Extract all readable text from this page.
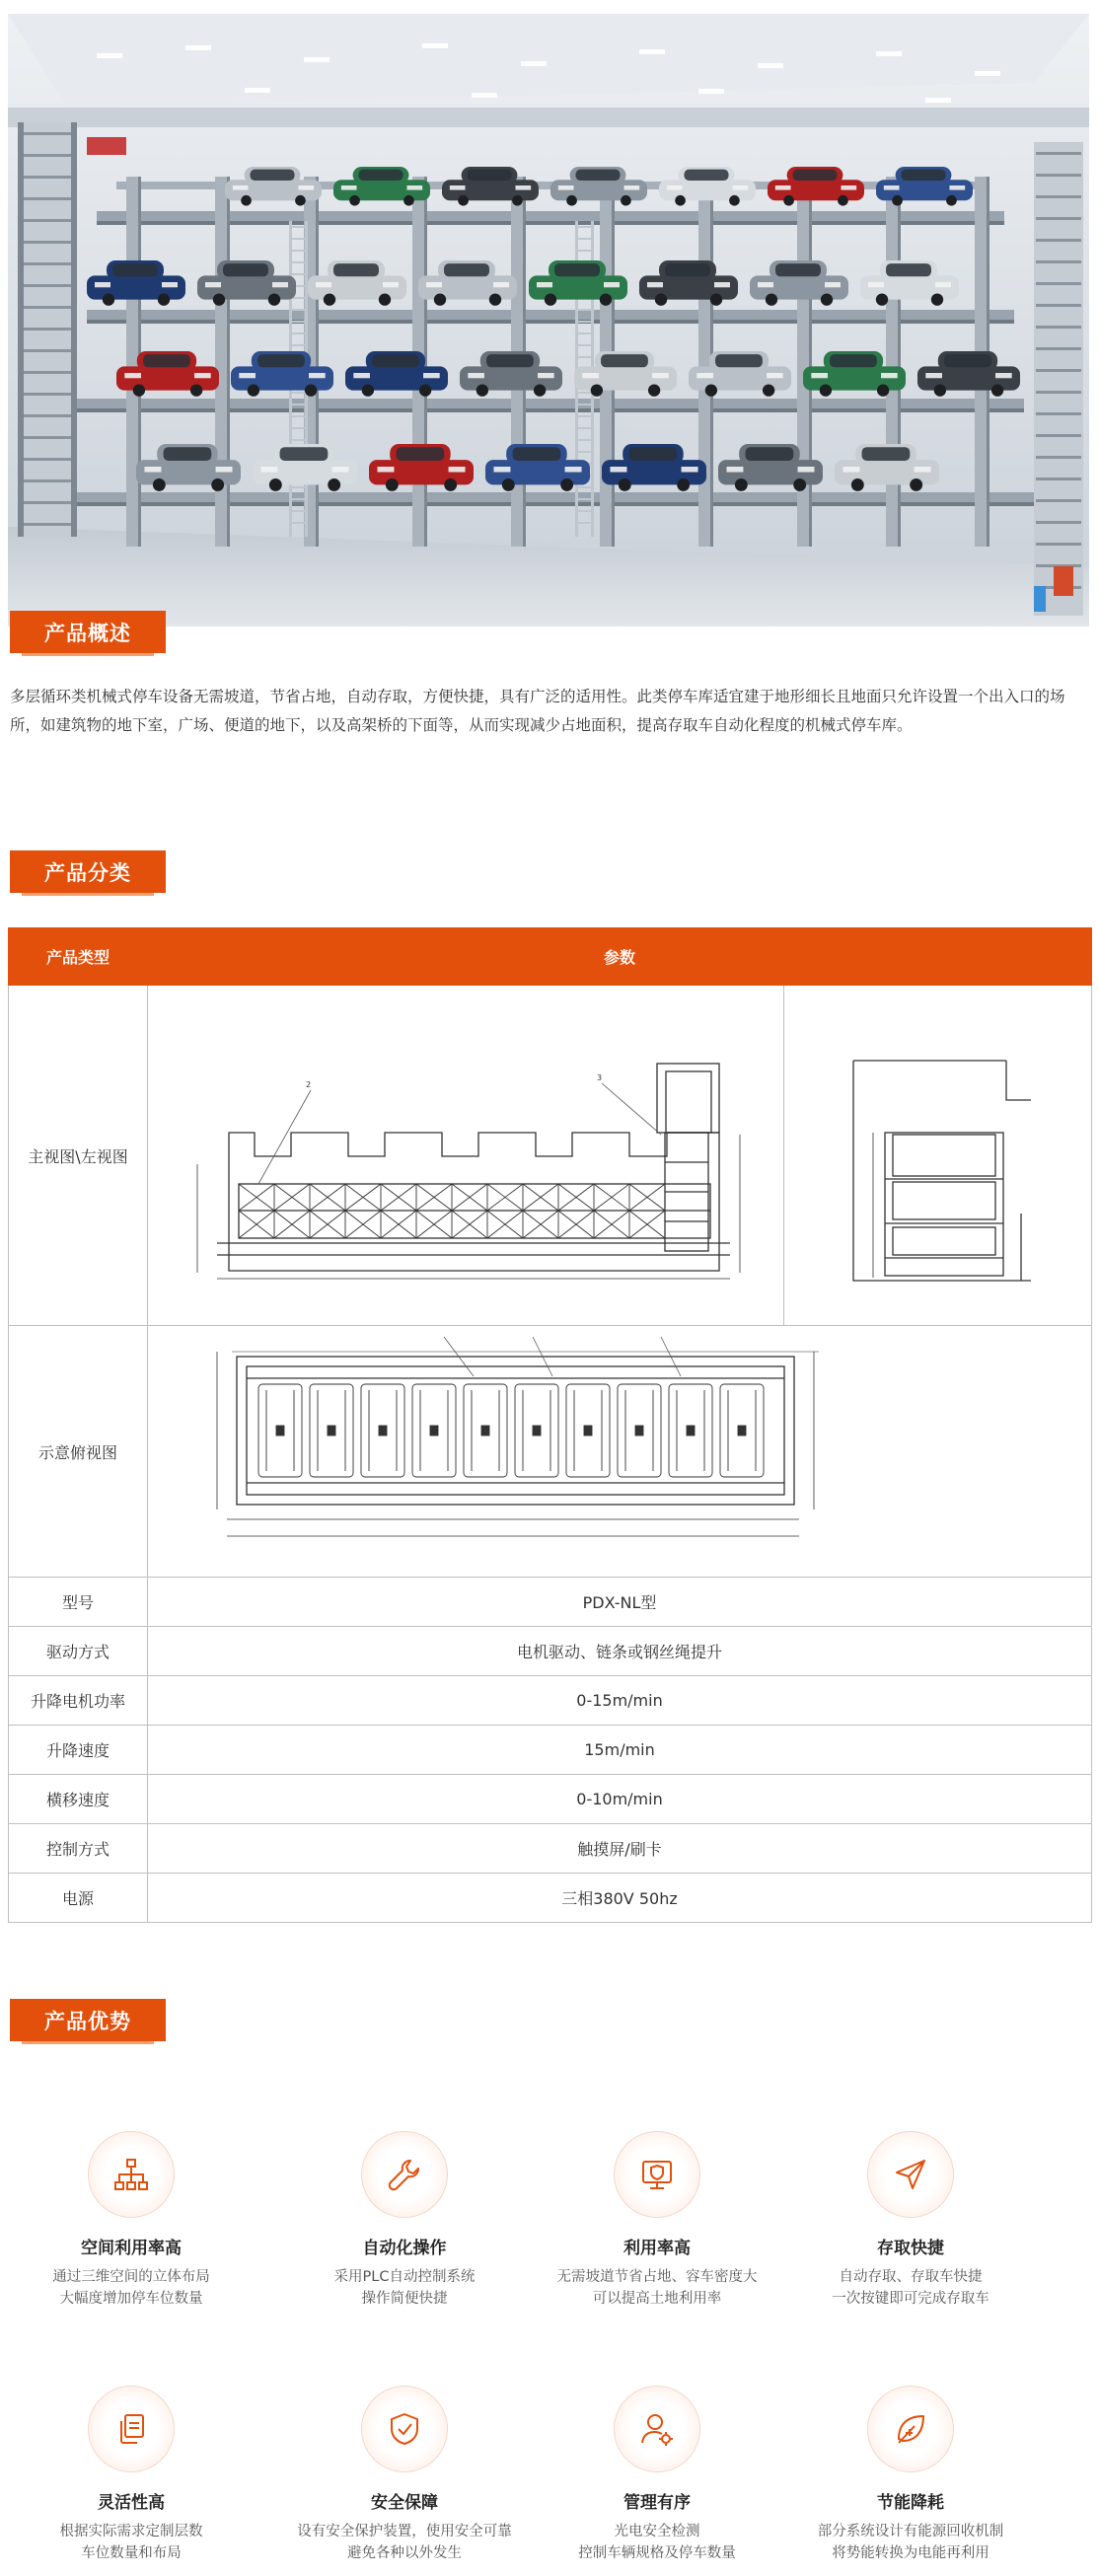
产品概述

多层循环类机械式停车设备无需坡道，节省占地，自动存取，方便快捷，具有广泛的适用性。此类停车库适宜建于地形细长且地面只允许设置一个出入口的场所，如建筑物的地下室，广场、便道的地下，以及高架桥的下面等，从而实现减少占地面积，提高存取车自动化程度的机械式停车库。

产品分类
产品类型	参数	
主视图\左视图	2
3

示意俯视图	

型号	PDX-NL型	
驱动方式	电机驱动、链条或钢丝绳提升	
升降电机功率	0-15m/min	
升降速度	15m/min	
横移速度	0-10m/min	
控制方式	触摸屏/刷卡	
电源	三相380V 50hz	
产品优势
空间利用率高
通过三维空间的立体布局
大幅度增加停车位数量
自动化操作
采用PLC自动控制系统
操作简便快捷
利用率高
无需坡道节省占地、容车密度大
可以提高土地利用率
存取快捷
自动存取、存取车快捷
一次按键即可完成存取车
灵活性高
根据实际需求定制层数
车位数量和布局
安全保障
设有安全保护装置，使用安全可靠
避免各种以外发生
管理有序
光电安全检测
控制车辆规格及停车数量
节能降耗
部分系统设计有能源回收机制
将势能转换为电能再利用
